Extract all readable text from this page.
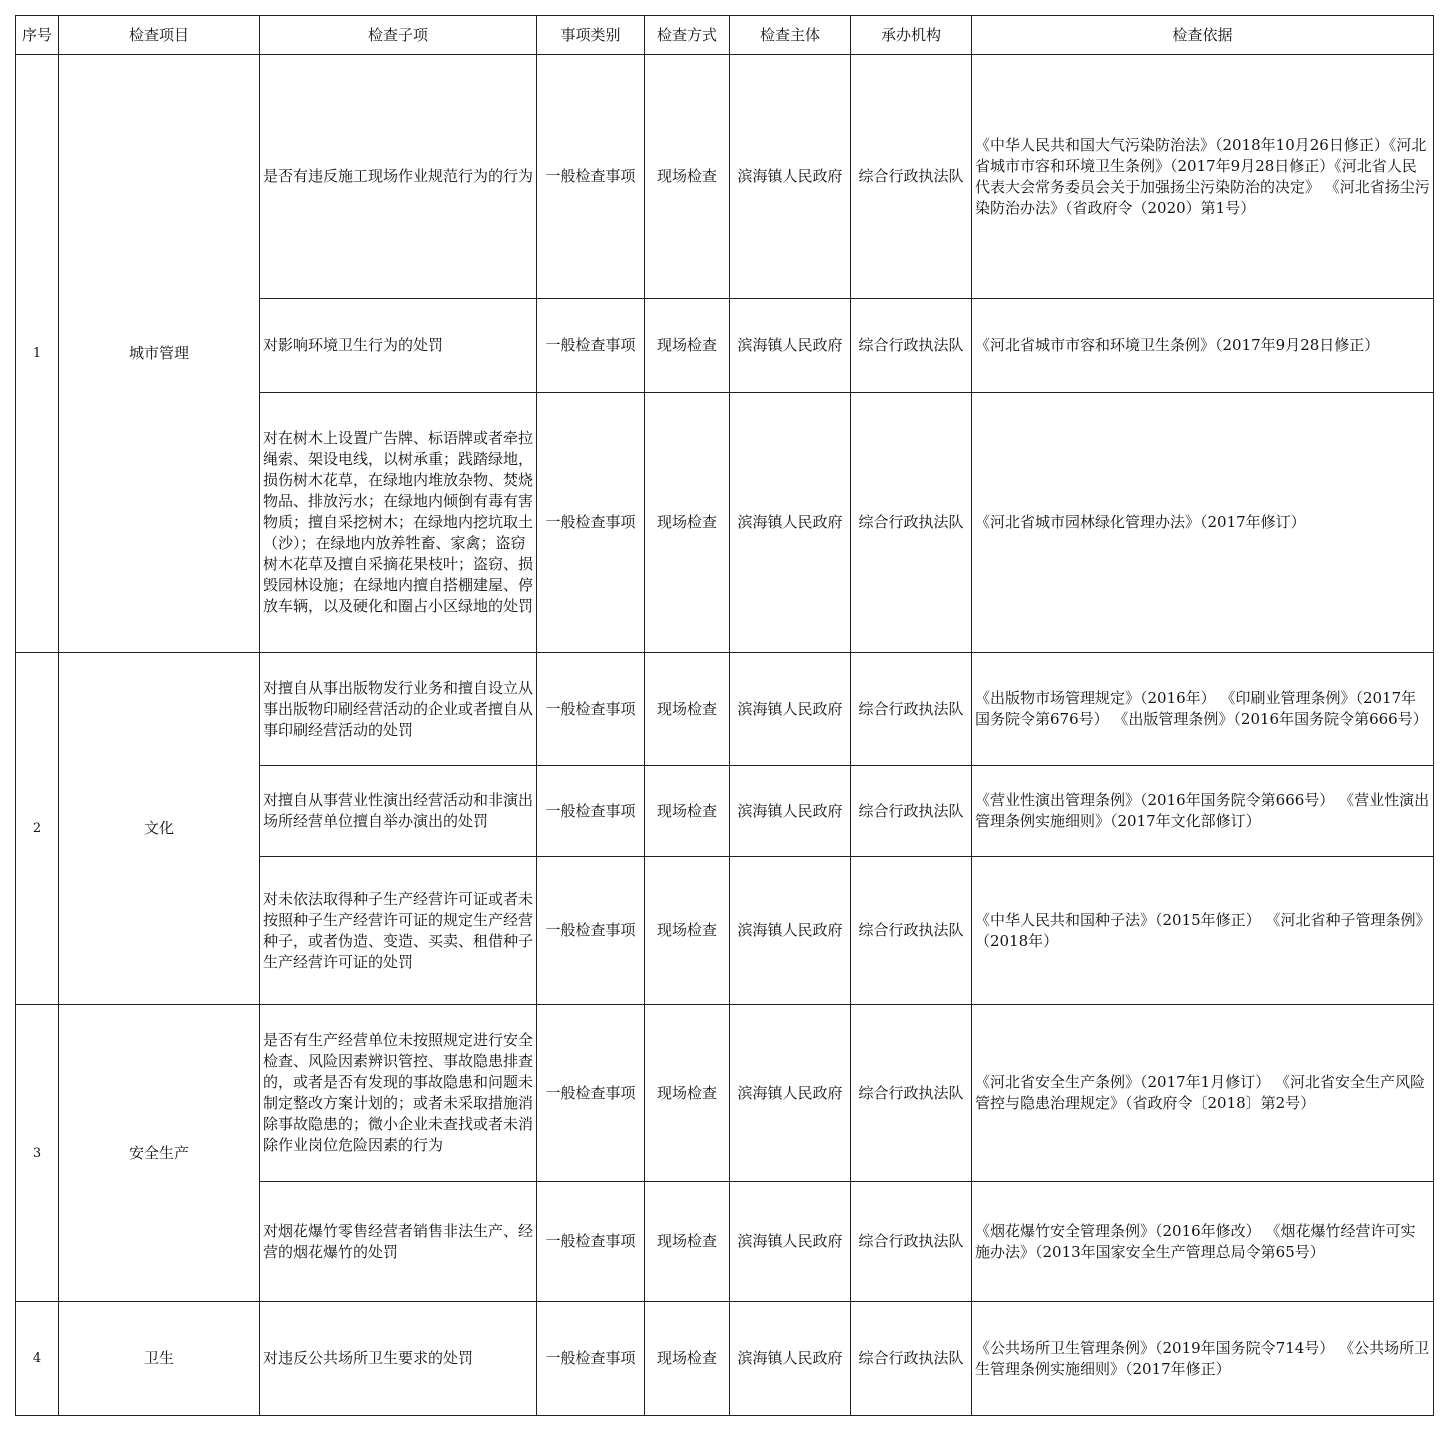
序号	检查项目	检查子项	事项类别	检查方式	检查主体	承办机构	检查依据
1	城市管理	是否有违反施工现场作业规范行为的行为	一般检查事项	现场检查	滨海镇人民政府	综合行政执法队	《中华人民共和国大气污染防治法》（2018年10月26日修正）《河北省城市市容和环境卫生条例》（2017年9月28日修正）《河北省人民代表大会常务委员会关于加强扬尘污染防治的决定》 《河北省扬尘污染防治办法》（省政府令（2020）第1号）
		对影响环境卫生行为的处罚	一般检查事项	现场检查	滨海镇人民政府	综合行政执法队	《河北省城市市容和环境卫生条例》（2017年9月28日修正）
		对在树木上设置广告牌、标语牌或者牵拉绳索、架设电线，以树承重；践踏绿地，损伤树木花草，在绿地内堆放杂物、焚烧物品、排放污水；在绿地内倾倒有毒有害物质；擅自采挖树木；在绿地内挖坑取土（沙）；在绿地内放养牲畜、家禽；盗窃树木花草及擅自采摘花果枝叶；盗窃、损毁园林设施；在绿地内擅自搭棚建屋、停放车辆，以及硬化和圈占小区绿地的处罚	一般检查事项	现场检查	滨海镇人民政府	综合行政执法队	《河北省城市园林绿化管理办法》（2017年修订）
2	文化	对擅自从事出版物发行业务和擅自设立从事出版物印刷经营活动的企业或者擅自从事印刷经营活动的处罚	一般检查事项	现场检查	滨海镇人民政府	综合行政执法队	《出版物市场管理规定》（2016年） 《印刷业管理条例》（2017年国务院令第676号） 《出版管理条例》（2016年国务院令第666号）
		对擅自从事营业性演出经营活动和非演出场所经营单位擅自举办演出的处罚	一般检查事项	现场检查	滨海镇人民政府	综合行政执法队	《营业性演出管理条例》（2016年国务院令第666号） 《营业性演出管理条例实施细则》（2017年文化部修订）
		对未依法取得种子生产经营许可证或者未按照种子生产经营许可证的规定生产经营种子，或者伪造、变造、买卖、租借种子生产经营许可证的处罚	一般检查事项	现场检查	滨海镇人民政府	综合行政执法队	《中华人民共和国种子法》（2015年修正） 《河北省种子管理条例》（2018年）
3	安全生产	是否有生产经营单位未按照规定进行安全检查、风险因素辨识管控、事故隐患排查的，或者是否有发现的事故隐患和问题未制定整改方案计划的；或者未采取措施消除事故隐患的；微小企业未查找或者未消除作业岗位危险因素的行为	一般检查事项	现场检查	滨海镇人民政府	综合行政执法队	《河北省安全生产条例》（2017年1月修订） 《河北省安全生产风险管控与隐患治理规定》（省政府令〔2018〕第2号）
		对烟花爆竹零售经营者销售非法生产、经营的烟花爆竹的处罚	一般检查事项	现场检查	滨海镇人民政府	综合行政执法队	《烟花爆竹安全管理条例》（2016年修改） 《烟花爆竹经营许可实施办法》（2013年国家安全生产管理总局令第65号）
4	卫生	对违反公共场所卫生要求的处罚	一般检查事项	现场检查	滨海镇人民政府	综合行政执法队	《公共场所卫生管理条例》（2019年国务院令714号） 《公共场所卫生管理条例实施细则》（2017年修正）
